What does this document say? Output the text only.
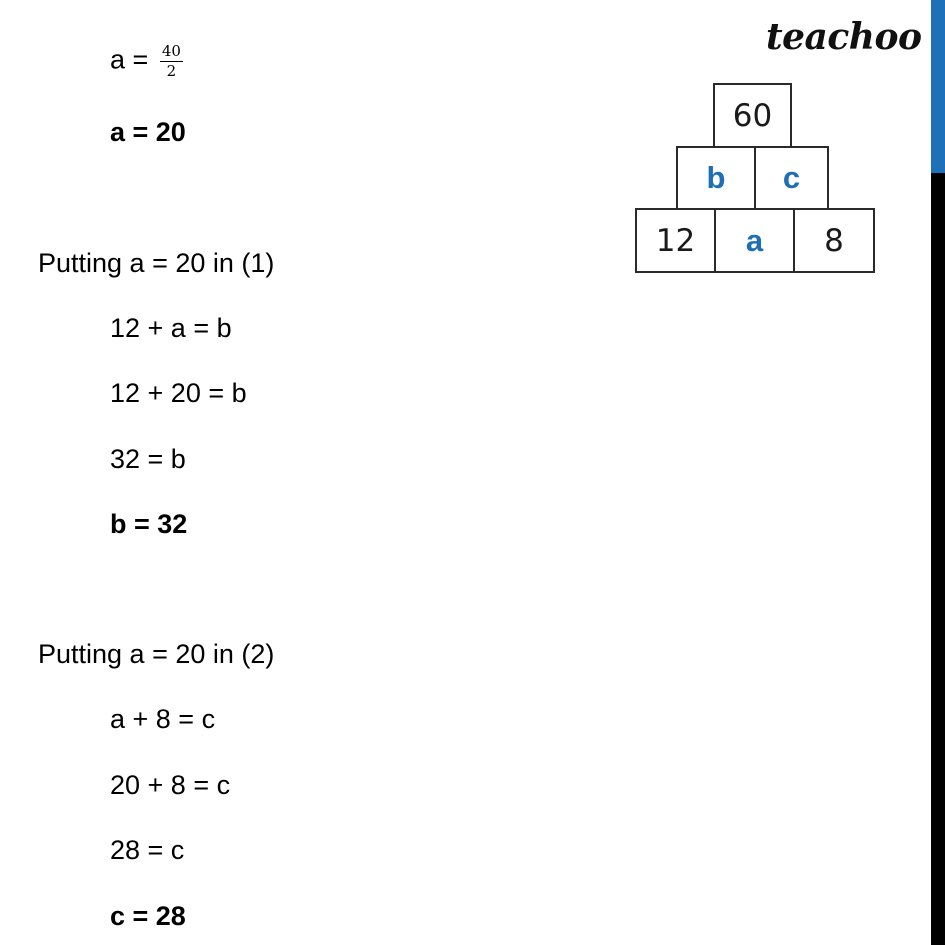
teachoo
$a = \frac{40}{2}$
a = 20
Putting a = 20 in (1)
12 + a = b
12 + 20 = b
32 = b
b = 32
Putting a = 20 in (2)
a + 8 = c
20 + 8 = c
28 = c
c = 28
60
b	c
12	a	8
